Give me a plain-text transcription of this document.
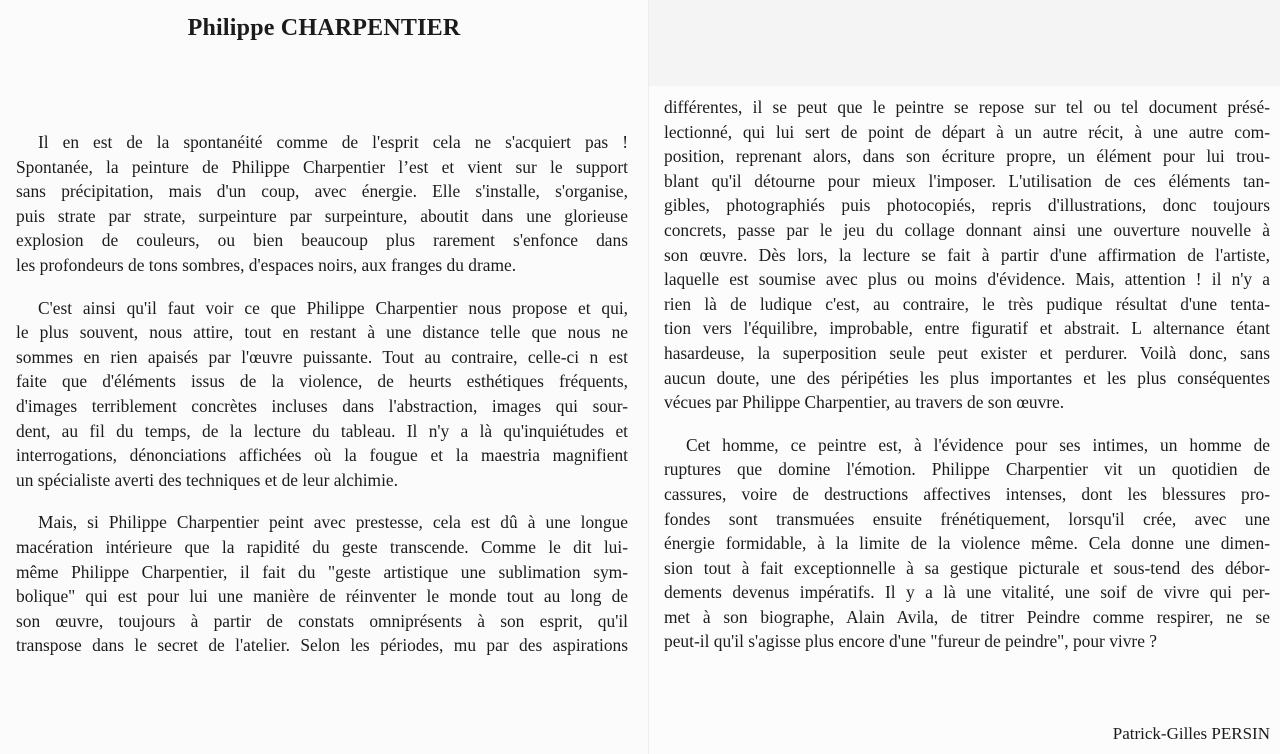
Philippe CHARPENTIER
Il en est de la spontanéité comme de l'esprit cela ne s'acquiert pas !
Spontanée, la peinture de Philippe Charpentier l’est et vient sur le support
sans précipitation, mais d'un coup, avec énergie. Elle s'installe, s'organise,
puis strate par strate, surpeinture par surpeinture, aboutit dans une glorieuse
explosion de couleurs, ou bien beaucoup plus rarement s'enfonce dans
les profondeurs de tons sombres, d'espaces noirs, aux franges du drame.
C'est ainsi qu'il faut voir ce que Philippe Charpentier nous propose et qui,
le plus souvent, nous attire, tout en restant à une distance telle que nous ne
sommes en rien apaisés par l'œuvre puissante. Tout au contraire, celle-ci n est
faite que d'éléments issus de la violence, de heurts esthétiques fréquents,
d'images terriblement concrètes incluses dans l'abstraction, images qui sour-
dent, au fil du temps, de la lecture du tableau. Il n'y a là qu'inquiétudes et
interrogations, dénonciations affichées où la fougue et la maestria magnifient
un spécialiste averti des techniques et de leur alchimie.
Mais, si Philippe Charpentier peint avec prestesse, cela est dû à une longue
macération intérieure que la rapidité du geste transcende. Comme le dit lui-
même Philippe Charpentier, il fait du "geste artistique une sublimation sym-
bolique" qui est pour lui une manière de réinventer le monde tout au long de
son œuvre, toujours à partir de constats omniprésents à son esprit, qu'il
transpose dans le secret de l'atelier. Selon les périodes, mu par des aspirations
différentes, il se peut que le peintre se repose sur tel ou tel document présé-
lectionné, qui lui sert de point de départ à un autre récit, à une autre com-
position, reprenant alors, dans son écriture propre, un élément pour lui trou-
blant qu'il détourne pour mieux l'imposer. L'utilisation de ces éléments tan-
gibles, photographiés puis photocopiés, repris d'illustrations, donc toujours
concrets, passe par le jeu du collage donnant ainsi une ouverture nouvelle à
son œuvre. Dès lors, la lecture se fait à partir d'une affirmation de l'artiste,
laquelle est soumise avec plus ou moins d'évidence. Mais, attention ! il n'y a
rien là de ludique c'est, au contraire, le très pudique résultat d'une tenta-
tion vers l'équilibre, improbable, entre figuratif et abstrait. L alternance étant
hasardeuse, la superposition seule peut exister et perdurer. Voilà donc, sans
aucun doute, une des péripéties les plus importantes et les plus conséquentes
vécues par Philippe Charpentier, au travers de son œuvre.
Cet homme, ce peintre est, à l'évidence pour ses intimes, un homme de
ruptures que domine l'émotion. Philippe Charpentier vit un quotidien de
cassures, voire de destructions affectives intenses, dont les blessures pro-
fondes sont transmuées ensuite frénétiquement, lorsqu'il crée, avec une
énergie formidable, à la limite de la violence même. Cela donne une dimen-
sion tout à fait exceptionnelle à sa gestique picturale et sous-tend des débor-
dements devenus impératifs. Il y a là une vitalité, une soif de vivre qui per-
met à son biographe, Alain Avila, de titrer Peindre comme respirer, ne se
peut-il qu'il s'agisse plus encore d'une "fureur de peindre", pour vivre ?
Patrick-Gilles PERSIN
